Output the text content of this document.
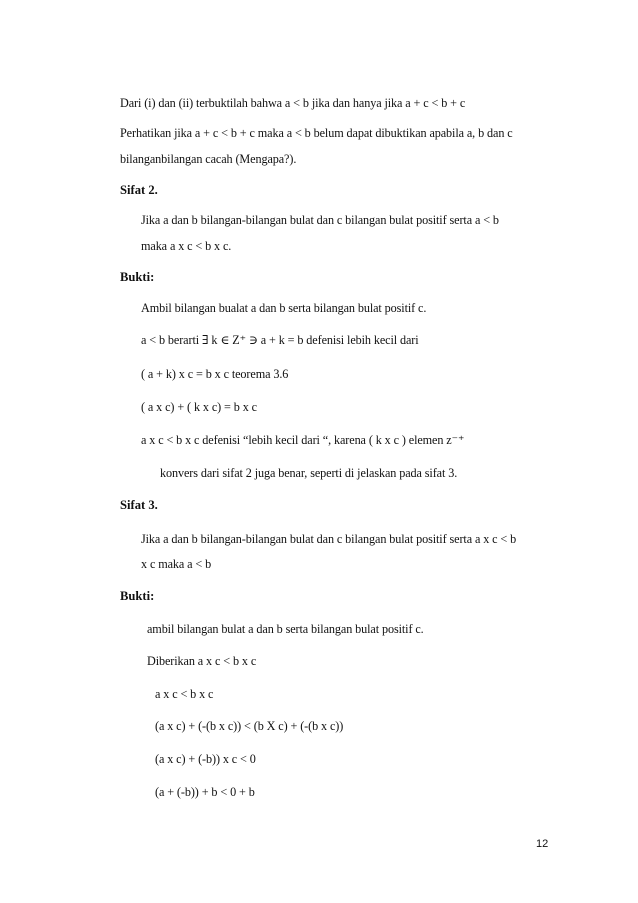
Dari (i) dan (ii) terbuktilah bahwa a < b jika dan hanya jika a + c < b + c
Perhatikan jika a + c < b + c maka a < b belum dapat dibuktikan apabila a, b dan c
bilanganbilangan cacah (Mengapa?).
Sifat 2.
Jika a dan b bilangan-bilangan bulat dan c bilangan bulat positif serta a < b
maka a x c < b x c.
Bukti:
Ambil bilangan bualat a dan b serta bilangan bulat positif c.
a < b berarti ∃ k ∈ Z⁺ ∋ a + k = b defenisi lebih kecil dari
( a + k) x c = b x c teorema 3.6
( a x c) + ( k x c) = b x c
a x c < b x c defenisi “lebih kecil dari “, karena ( k x c ) elemen z⁻⁺
konvers dari sifat 2 juga benar, seperti di jelaskan pada sifat 3.
Sifat 3.
Jika a dan b bilangan-bilangan bulat dan c bilangan bulat positif serta a x c < b
x c maka a < b
Bukti:
ambil bilangan bulat a dan b serta bilangan bulat positif c.
Diberikan a x c < b x c
a x c < b x c
(a x c) + (-(b x c)) < (b X c) + (-(b x c))
(a x c) + (-b)) x c < 0
(a + (-b)) + b < 0 + b
12
